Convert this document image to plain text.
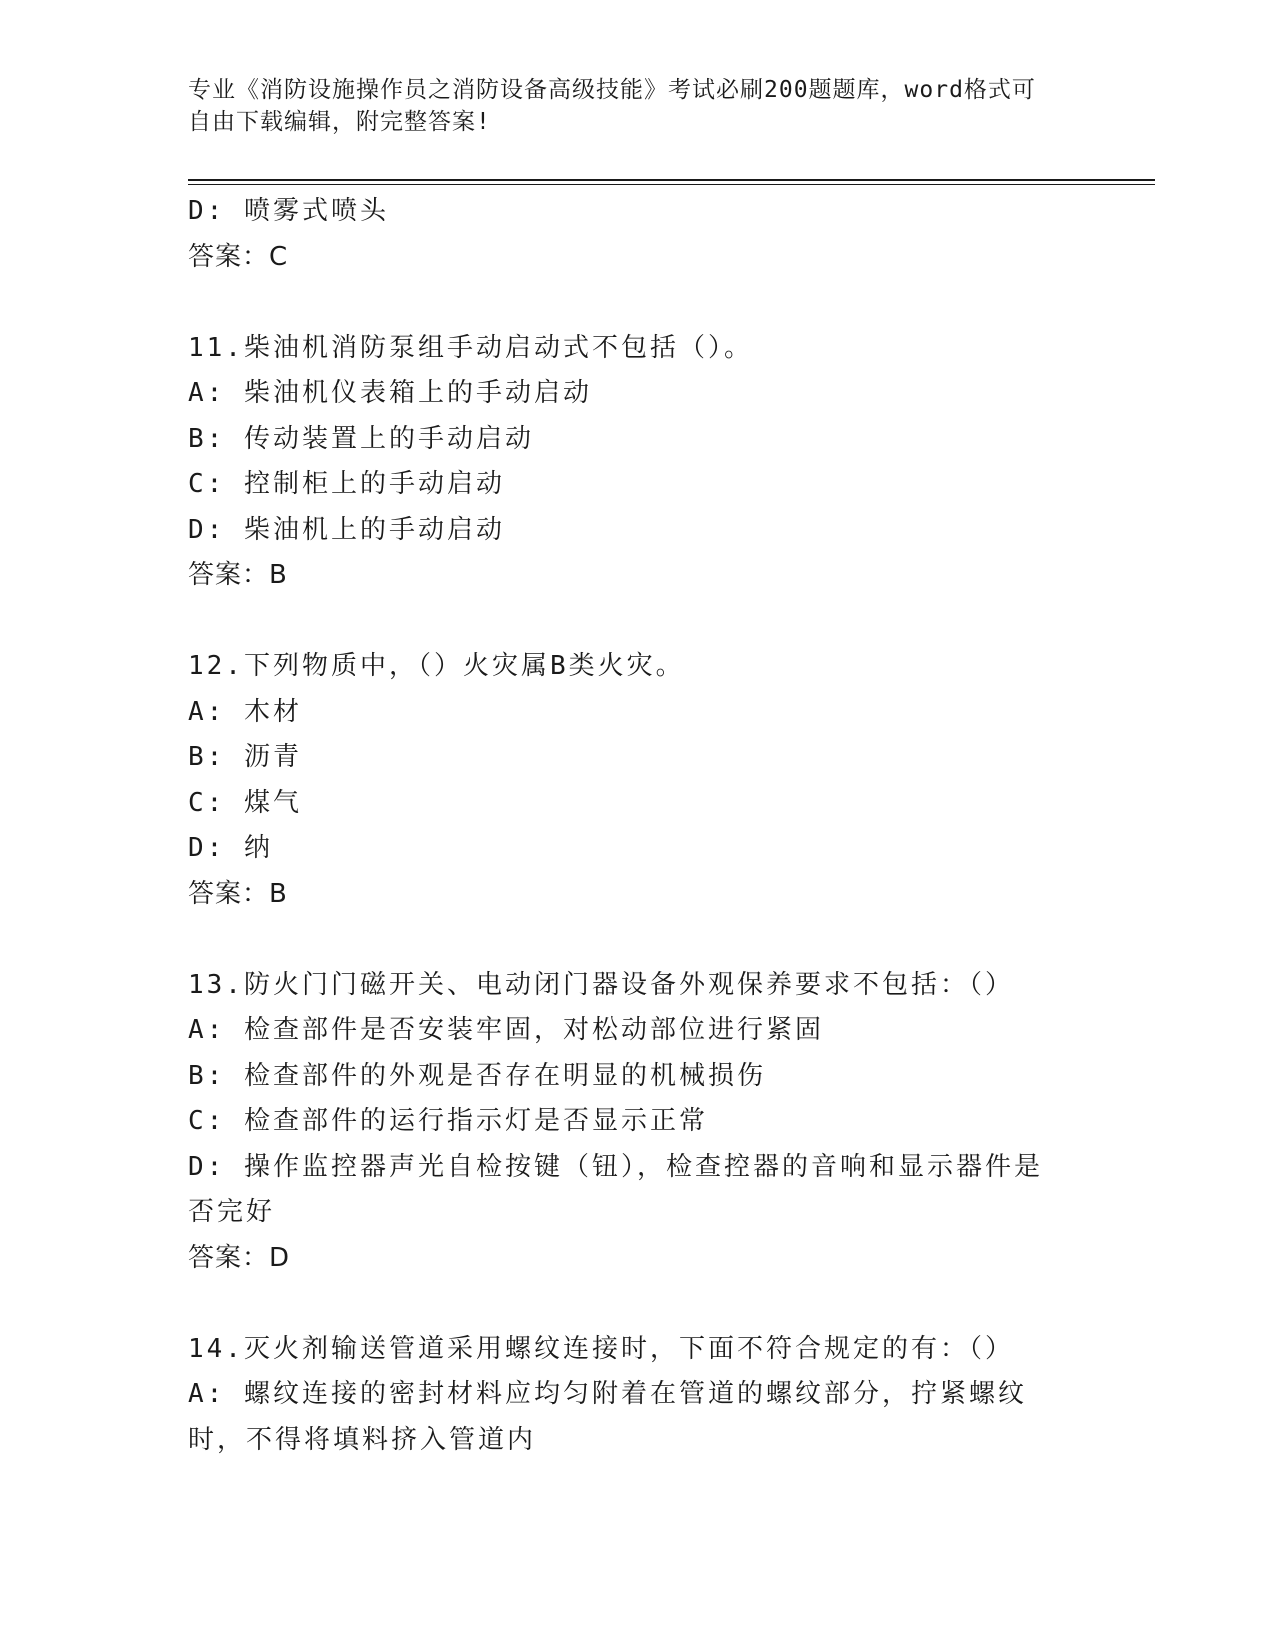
专业《消防设施操作员之消防设备高级技能》考试必刷200题题库，word格式可
自由下载编辑，附完整答案!
D: 喷雾式喷头
答案：C
11.柴油机消防泵组手动启动式不包括（）。
A: 柴油机仪表箱上的手动启动
B: 传动装置上的手动启动
C: 控制柜上的手动启动
D: 柴油机上的手动启动
答案：B
12.下列物质中，（）火灾属B类火灾。
A: 木材
B: 沥青
C: 煤气
D: 纳
答案：B
13.防火门门磁开关、电动闭门器设备外观保养要求不包括：（）
A: 检查部件是否安装牢固，对松动部位进行紧固
B: 检查部件的外观是否存在明显的机械损伤
C: 检查部件的运行指示灯是否显示正常
D: 操作监控器声光自检按键（钮），检查控器的音响和显示器件是否完好
答案：D
14.灭火剂输送管道采用螺纹连接时，下面不符合规定的有：（）
A: 螺纹连接的密封材料应均匀附着在管道的螺纹部分，拧紧螺纹时，不得将填料挤入管道内
